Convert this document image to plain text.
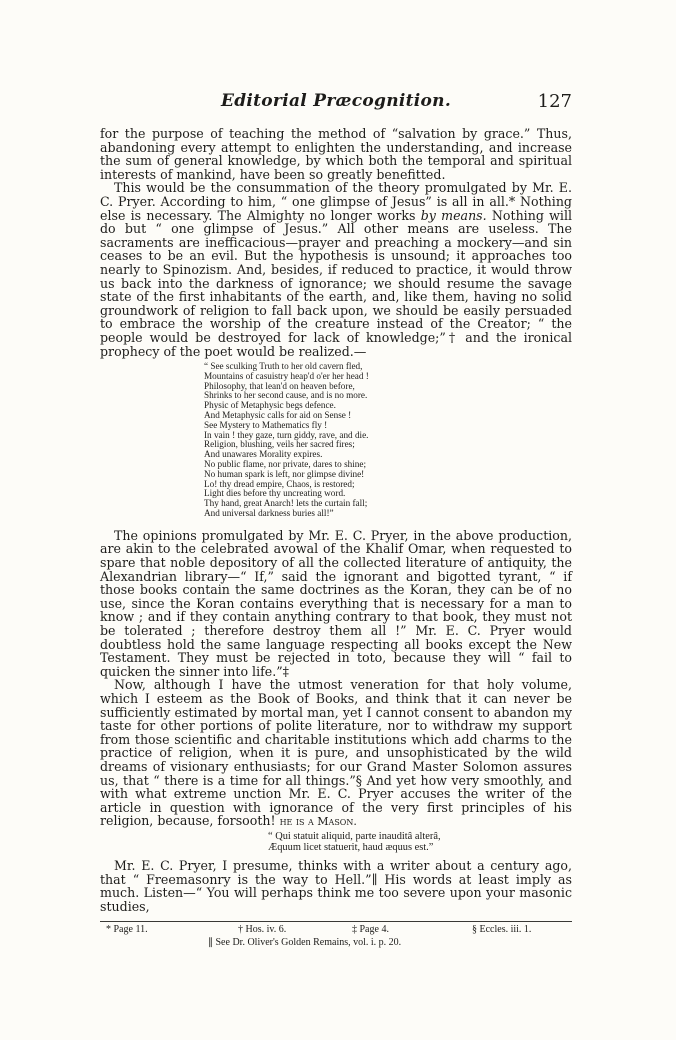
Editorial Præcognition.	127

for the purpose of teaching the method of “salvation by grace.” Thus, abandoning every attempt to enlighten the understanding, and increase the sum of general knowledge, by which both the temporal and spiritual interests of mankind, have been so greatly benefitted.

This would be the consummation of the theory promulgated by Mr. E. C. Pryer. According to him, “ one glimpse of Jesus” is all in all.* Nothing else is necessary. The Almighty no longer works by means. Nothing will do but “ one glimpse of Jesus.” All other means are useless. The sacraments are inefficacious—prayer and preaching a mockery—and sin ceases to be an evil. But the hypothesis is unsound; it approaches too nearly to Spinozism. And, besides, if reduced to practice, it would throw us back into the darkness of ignorance; we should resume the savage state of the first inhabitants of the earth, and, like them, having no solid groundwork of religion to fall back upon, we should be easily persuaded to embrace the worship of the creature instead of the Creator; “ the people would be destroyed for lack of knowledge;”† and the ironical prophecy of the poet would be realized.—

“ See sculking Truth to her old cavern fled,
Mountains of casuistry heap'd o'er her head !
Philosophy, that lean'd on heaven before,
Shrinks to her second cause, and is no more.
Physic of Metaphysic begs defence.
And Metaphysic calls for aid on Sense !
See Mystery to Mathematics fly !
In vain ! they gaze, turn giddy, rave, and die.
Religion, blushing, veils her sacred fires;
And unawares Morality expires.
No public flame, nor private, dares to shine;
No human spark is left, nor glimpse divine!
Lo! thy dread empire, Chaos, is restored;
Light dies before thy uncreating word.
Thy hand, great Anarch! lets the curtain fall;
And universal darkness buries all!”

The opinions promulgated by Mr. E. C. Pryer, in the above production, are akin to the celebrated avowal of the Khalif Omar, when requested to spare that noble depository of all the collected literature of antiquity, the Alexandrian library—“ If,” said the ignorant and bigotted tyrant, “ if those books contain the same doctrines as the Koran, they can be of no use, since the Koran contains everything that is necessary for a man to know ; and if they contain anything contrary to that book, they must not be tolerated ; therefore destroy them all !” Mr. E. C. Pryer would doubtless hold the same language respecting all books except the New Testament. They must be rejected in toto, because they will “ fail to quicken the sinner into life.”‡

Now, although I have the utmost veneration for that holy volume, which I esteem as the Book of Books, and think that it can never be sufficiently estimated by mortal man, yet I cannot consent to abandon my taste for other portions of polite literature, nor to withdraw my support from those scientific and charitable institutions which add charms to the practice of religion, when it is pure, and unsophisticated by the wild dreams of visionary enthusiasts; for our Grand Master Solomon assures us, that “ there is a time for all things.”§ And yet how very smoothly, and with what extreme unction Mr. E. C. Pryer accuses the writer of the article in question with ignorance of the very first principles of his religion, because, forsooth! he is a Mason.

“ Qui statuit aliquid, parte inauditâ alterâ,
Æquum licet statuerit, haud æquus est.”

Mr. E. C. Pryer, I presume, thinks with a writer about a century ago, that “ Freemasonry is the way to Hell.”∥ His words at least imply as much. Listen—“ You will perhaps think me too severe upon your masonic studies,

* Page 11.	† Hos. iv. 6.	‡ Page 4.	§ Eccles. iii. 1.
∥ See Dr. Oliver's Golden Remains, vol. i. p. 20.
